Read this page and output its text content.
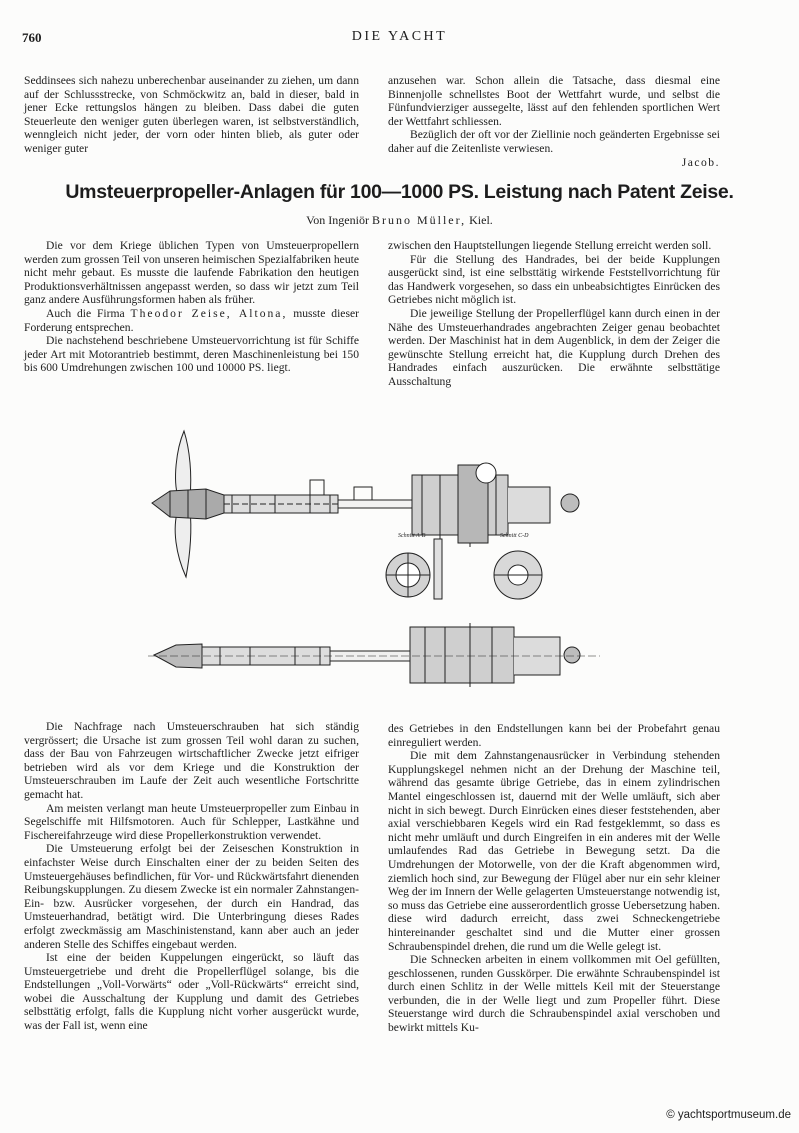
760	DIE YACHT

Seddinsees sich nahezu unberechenbar auseinander zu ziehen, um dann auf der Schlussstrecke, von Schmöckwitz an, bald in dieser, bald in jener Ecke rettungslos hängen zu bleiben. Dass dabei die guten Steuerleute den weniger guten überlegen waren, ist selbstverständlich, wenngleich nicht jeder, der vorn oder hinten blieb, als guter oder weniger guter

anzusehen war. Schon allein die Tatsache, dass diesmal eine Binnenjolle schnellstes Boot der Wettfahrt wurde, und selbst die Fünfundvierziger aussegelte, lässt auf den fehlenden sportlichen Wert der Wettfahrt schliessen.

Bezüglich der oft vor der Ziellinie noch geänderten Ergebnisse sei daher auf die Zeitenliste verwiesen.

Jacob.

Umsteuerpropeller-Anlagen für 100—1000 PS. Leistung nach Patent Zeise.
Von Ingeniör Bruno Müller, Kiel.

Die vor dem Kriege üblichen Typen von Umsteuerpropellern werden zum grossen Teil von unseren heimischen Spezialfabriken heute nicht mehr gebaut. Es musste die laufende Fabrikation den heutigen Produktionsverhältnissen angepasst werden, so dass wir jetzt zum Teil ganz andere Ausführungsformen haben als früher.

Auch die Firma Theodor Zeise, Altona, musste dieser Forderung entsprechen.

Die nachstehend beschriebene Umsteuervorrichtung ist für Schiffe jeder Art mit Motorantrieb bestimmt, deren Maschinenleistung bei 150 bis 600 Umdrehungen zwischen 100 und 10000 PS. liegt.

zwischen den Hauptstellungen liegende Stellung erreicht werden soll.

Für die Stellung des Handrades, bei der beide Kupplungen ausgerückt sind, ist eine selbsttätig wirkende Feststellvorrichtung für das Handwerk vorgesehen, so dass ein unbeabsichtigtes Einrücken des Getriebes nicht möglich ist.

Die jeweilige Stellung der Propellerflügel kann durch einen in der Nähe des Umsteuerhandrades angebrachten Zeiger genau beobachtet werden. Der Maschinist hat in dem Augenblick, in dem der Zeiger die gewünschte Stellung erreicht hat, die Kupplung durch Drehen des Handrades einfach auszurücken. Die erwähnte selbsttätige Ausschaltung

Schnitt A-B	Schnitt C-D

Die Nachfrage nach Umsteuerschrauben hat sich ständig vergrössert; die Ursache ist zum grossen Teil wohl daran zu suchen, dass der Bau von Fahrzeugen wirtschaftlicher Zwecke jetzt eifriger betrieben wird als vor dem Kriege und die Konstruktion der Umsteuerschrauben im Laufe der Zeit auch wesentliche Fortschritte gemacht hat.

Am meisten verlangt man heute Umsteuerpropeller zum Einbau in Segelschiffe mit Hilfsmotoren. Auch für Schlepper, Lastkähne und Fischereifahrzeuge wird diese Propellerkonstruktion verwendet.

Die Umsteuerung erfolgt bei der Zeiseschen Konstruktion in einfachster Weise durch Einschalten einer der zu beiden Seiten des Umsteuergehäuses befindlichen, für Vor- und Rückwärtsfahrt dienenden Reibungskupplungen. Zu diesem Zwecke ist ein normaler Zahnstangen- Ein- bzw. Ausrücker vorgesehen, der durch ein Handrad, das Umsteuerhandrad, betätigt wird. Die Unterbringung dieses Rades erfolgt zweckmässig am Maschinistenstand, kann aber auch an jeder anderen Stelle des Schiffes eingebaut werden.

Ist eine der beiden Kuppelungen eingerückt, so läuft das Umsteuergetriebe und dreht die Propellerflügel solange, bis die Endstellungen „Voll-Vorwärts“ oder „Voll-Rückwärts“ erreicht sind, wobei die Ausschaltung der Kupplung und damit des Getriebes selbsttätig erfolgt, falls die Kupplung nicht vorher ausgerückt wurde, was der Fall ist, wenn eine

des Getriebes in den Endstellungen kann bei der Probefahrt genau einreguliert werden.

Die mit dem Zahnstangenausrücker in Verbindung stehenden Kupplungskegel nehmen nicht an der Drehung der Maschine teil, während das gesamte übrige Getriebe, das in einem zylindrischen Mantel eingeschlossen ist, dauernd mit der Welle umläuft, sich aber nicht in sich bewegt. Durch Einrücken eines dieser feststehenden, aber axial verschiebbaren Kegels wird ein Rad festgeklemmt, so dass es nicht mehr umläuft und durch Eingreifen in ein anderes mit der Welle umlaufendes Rad das Getriebe in Bewegung setzt. Da die Umdrehungen der Motorwelle, von der die Kraft abgenommen wird, ziemlich hoch sind, zur Bewegung der Flügel aber nur ein sehr kleiner Weg der im Innern der Welle gelagerten Umsteuerstange notwendig ist, so muss das Getriebe eine ausserordentlich grosse Uebersetzung haben. diese wird dadurch erreicht, dass zwei Schneckengetriebe hintereinander geschaltet sind und die Mutter einer grossen Schraubenspindel drehen, die rund um die Welle gelegt ist.

Die Schnecken arbeiten in einem vollkommen mit Oel gefüllten, geschlossenen, runden Gusskörper. Die erwähnte Schraubenspindel ist durch einen Schlitz in der Welle mittels Keil mit der Steuerstange verbunden, die in der Welle liegt und zum Propeller führt. Diese Steuerstange wird durch die Schraubenspindel axial verschoben und bewirkt mittels Ku-

© yachtsportmuseum.de
